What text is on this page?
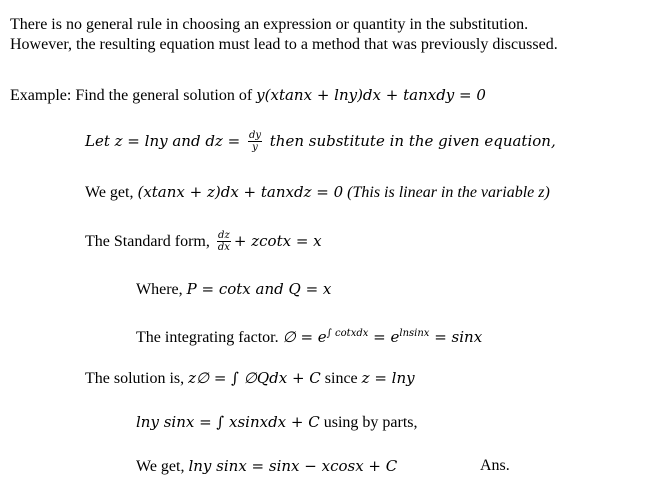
There is no general rule in choosing an expression or quantity in the substitution.
However, the resulting equation must lead to a method that was previously discussed.
Example: Find the general solution of y(xtanx + lny)dx + tanxdy = 0
Let z = lny and dz = $\frac{dy}{y}$ then substitute in the given equation,
We get, (xtanx + z)dx + tanxdz = 0 (This is linear in the variable z)
The Standard form, $\frac{dz}{dx} + zcotx = x$
Where, P = cotx and Q = x
The integrating factor. ∅ = $e^{\int cotxdx} = e^{lnsinx} = \sin x$
The solution is, z∅ = ∫ ∅Qdx + C since z = lny
lny sinx = ∫ xsinxdx + C using by parts,
We get, lny sinx = sinx − xcosx + C	Ans.
